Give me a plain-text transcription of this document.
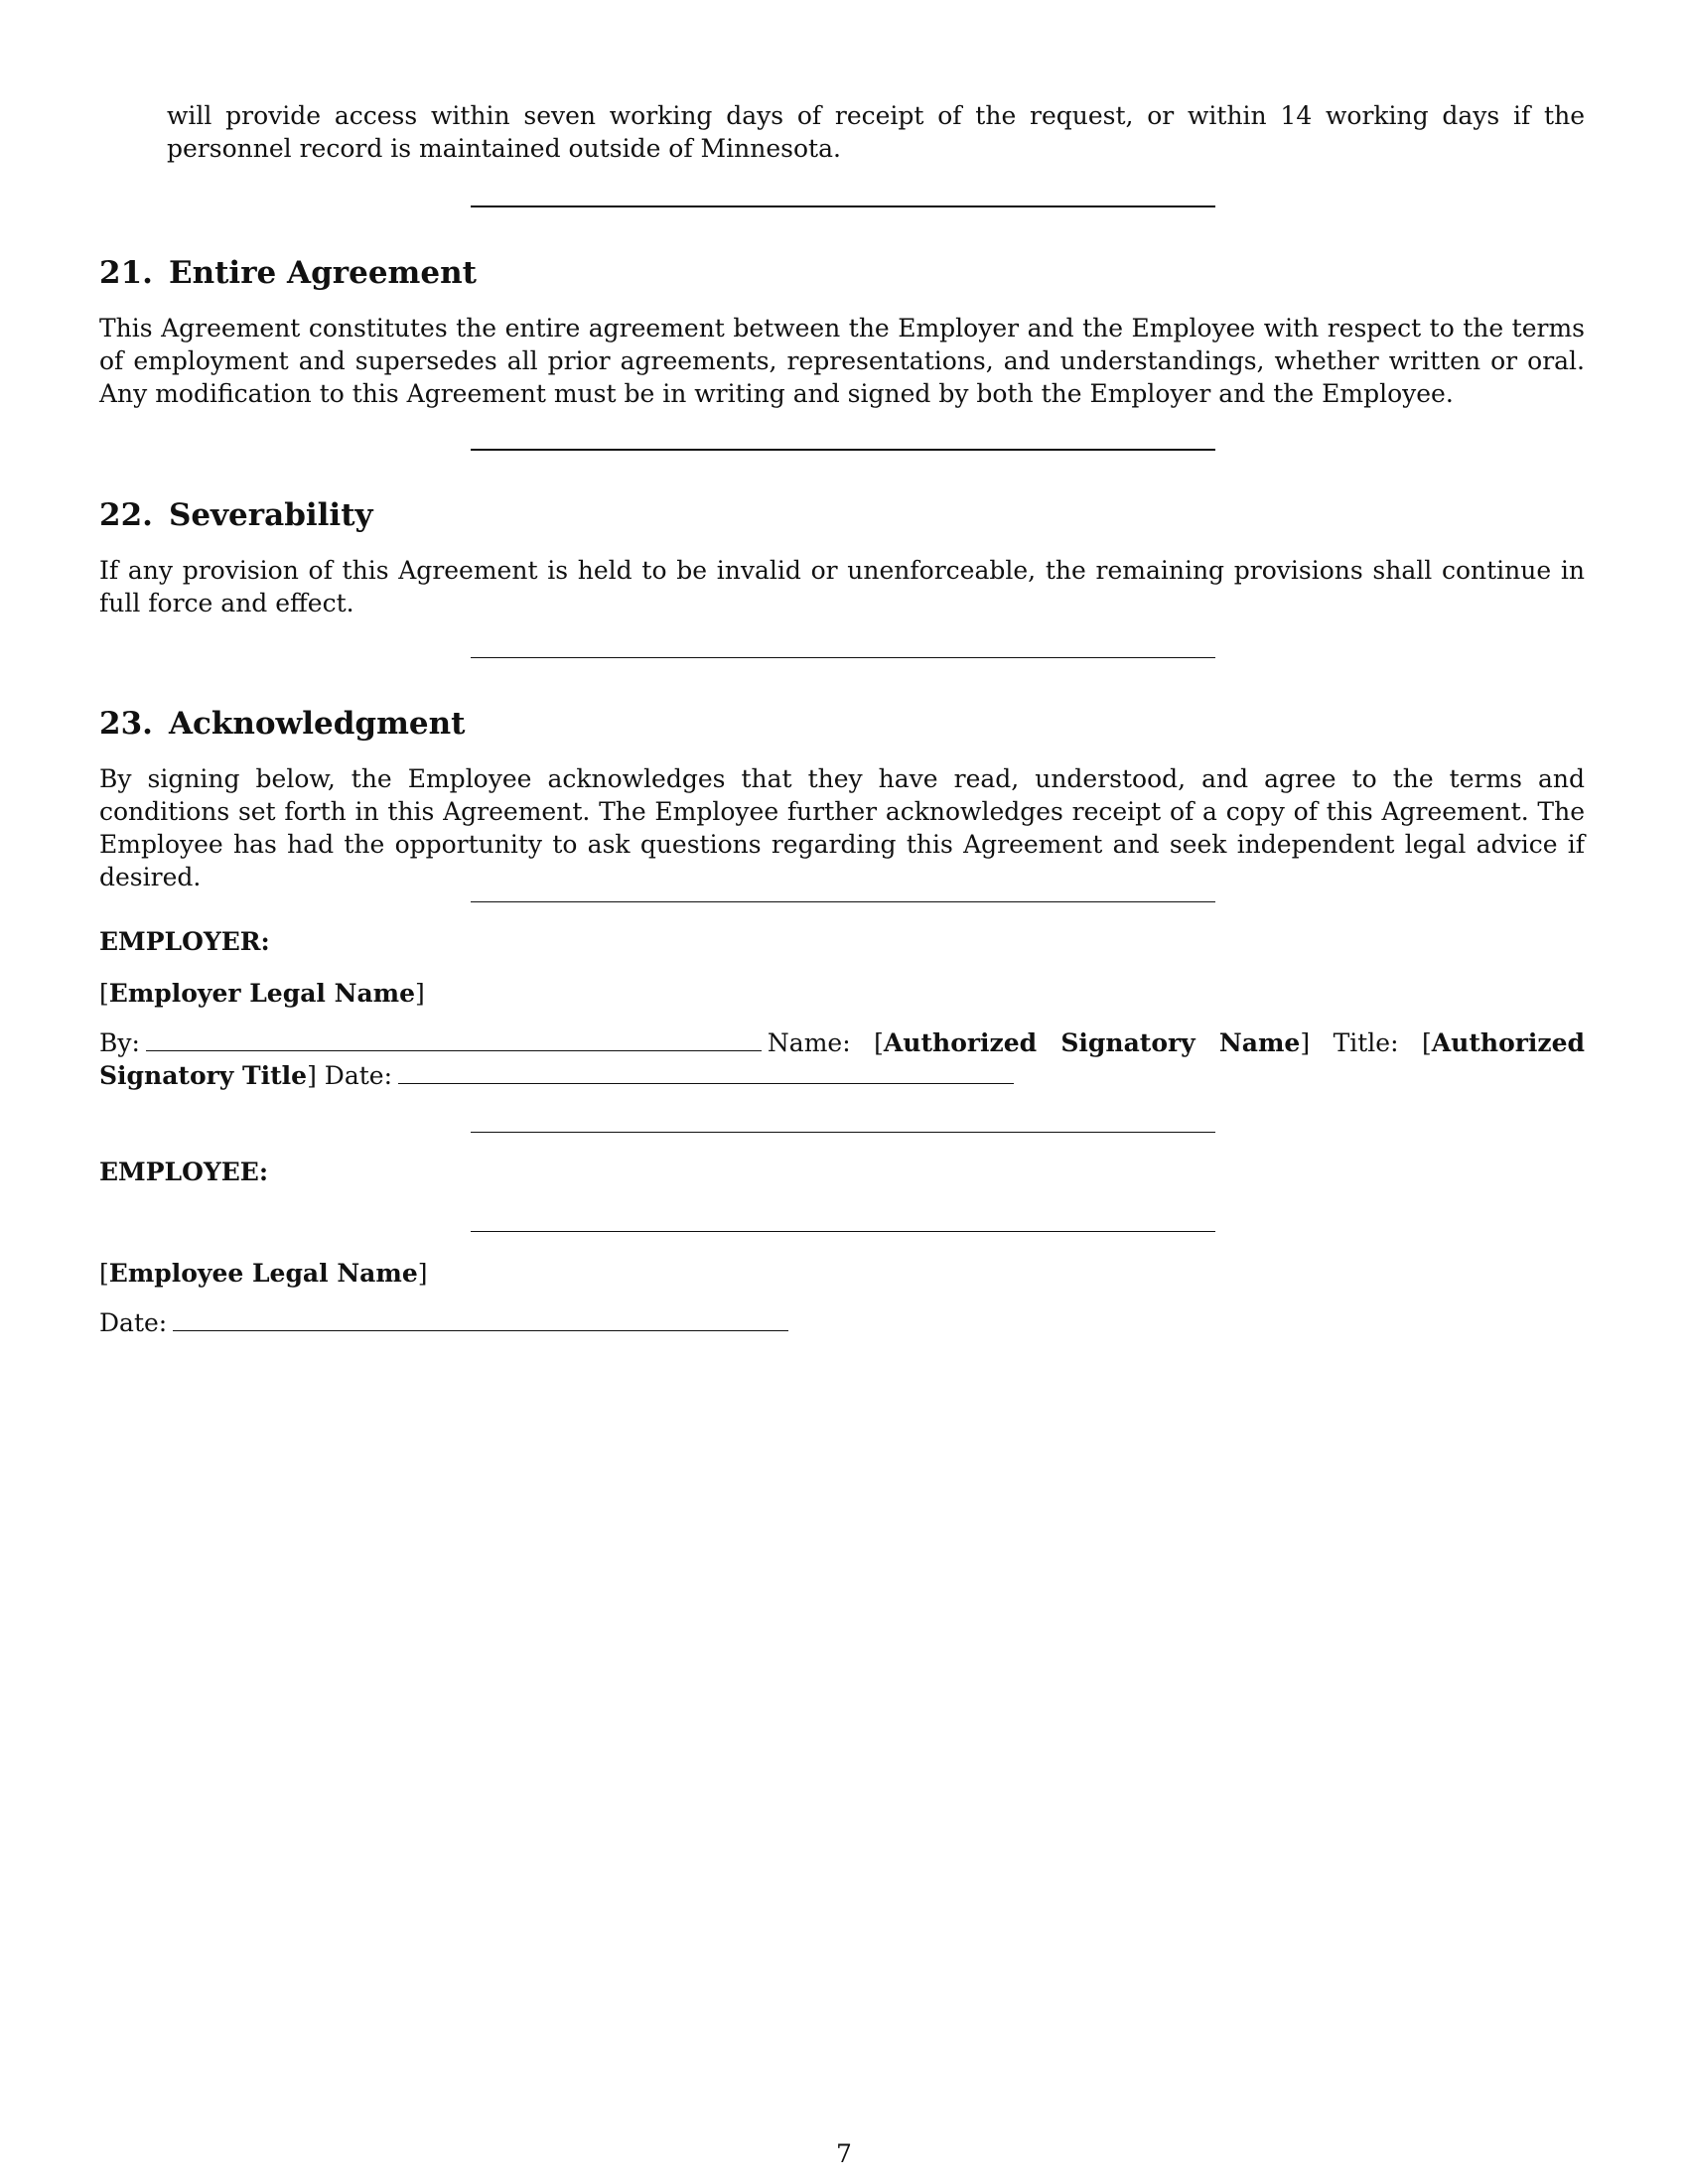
will provide access within seven working days of receipt of the request, or within 14 working days if the personnel record is maintained outside of Minnesota.

21. Entire Agreement

This Agreement constitutes the entire agreement between the Employer and the Employee with respect to the terms of employment and supersedes all prior agreements, representations, and understandings, whether written or oral. Any modification to this Agreement must be in writing and signed by both the Employer and the Employee.

22. Severability

If any provision of this Agreement is held to be invalid or unenforceable, the remaining provisions shall continue in full force and effect.

23. Acknowledgment

By signing below, the Employee acknowledges that they have read, understood, and agree to the terms and conditions set forth in this Agreement. The Employee further acknowledges receipt of a copy of this Agreement. The Employee has had the opportunity to ask questions regarding this Agreement and seek independent legal advice if desired.

EMPLOYER:

[Employer Legal Name]

By:	Name: [Authorized Signatory Name] Title: [Authorized Signatory Title] Date:

EMPLOYEE:

[Employee Legal Name]

Date:

7
